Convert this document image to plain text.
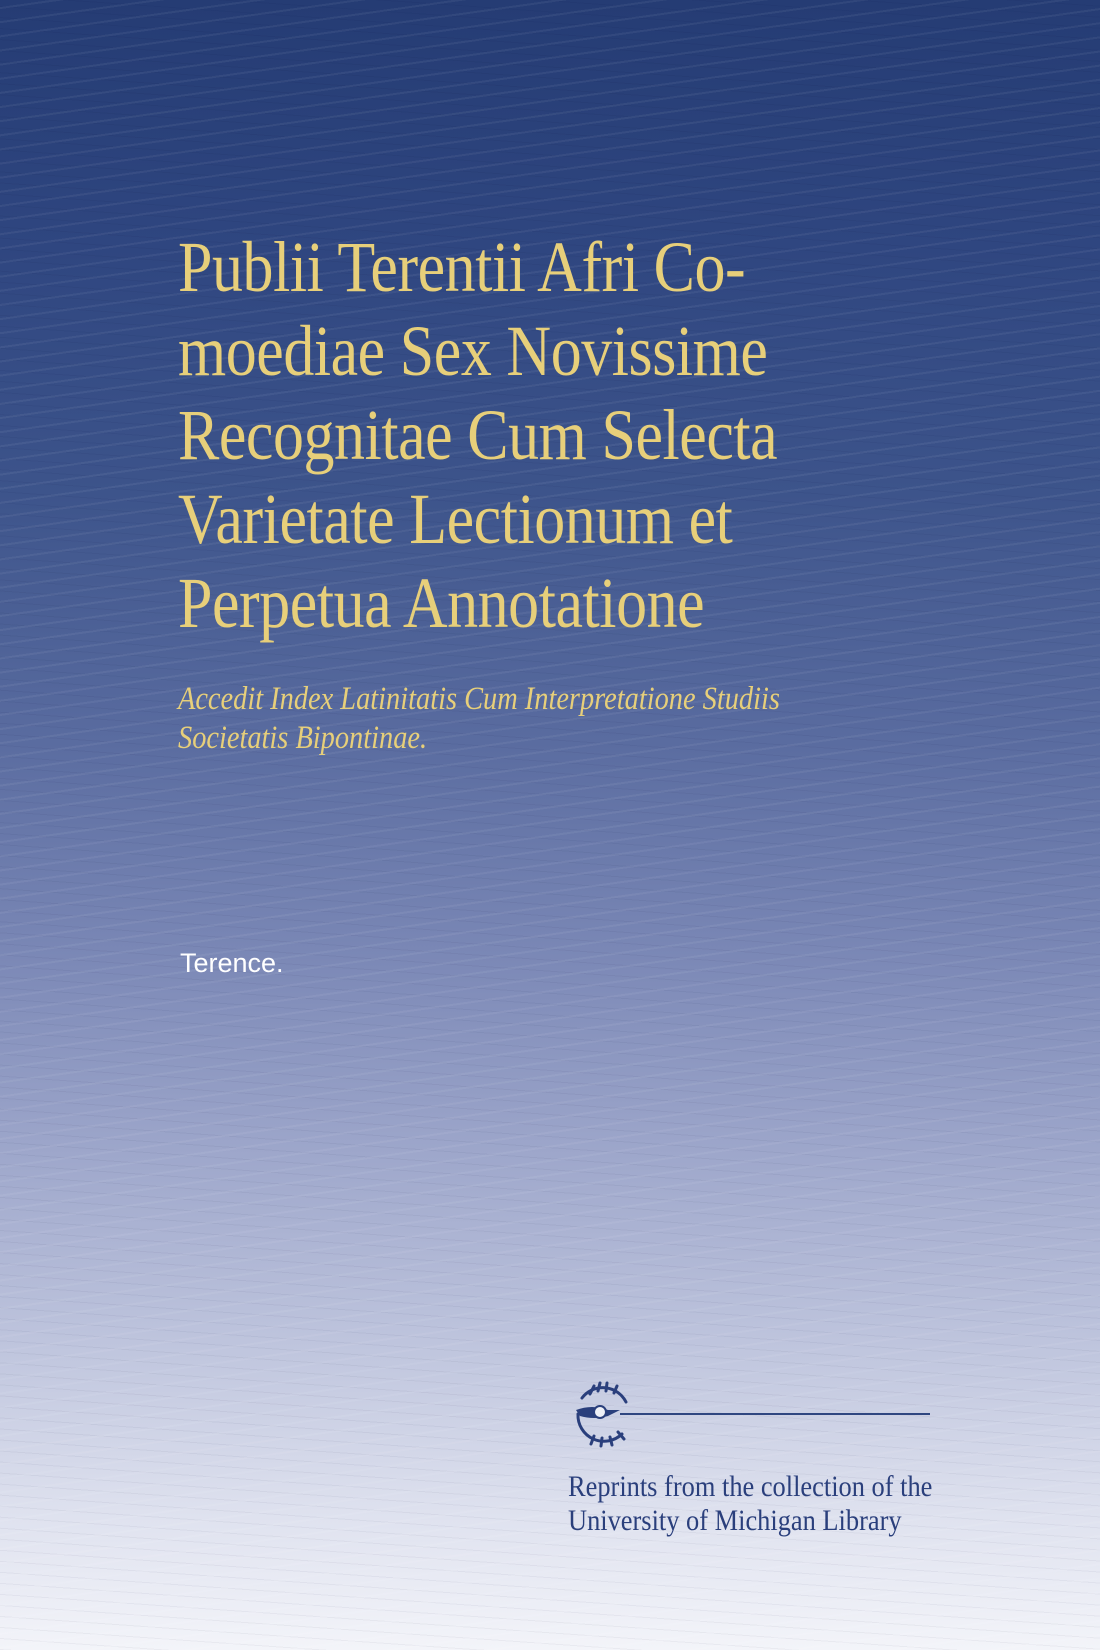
Publii Terentii Afri Co-
moediae Sex Novissime
Recognitae Cum Selecta
Varietate Lectionum et
Perpetua Annotatione

Accedit Index Latinitatis Cum Interpretatione Studiis
Societatis Bipontinae.

Terence.

Reprints from the collection of the
University of Michigan Library
